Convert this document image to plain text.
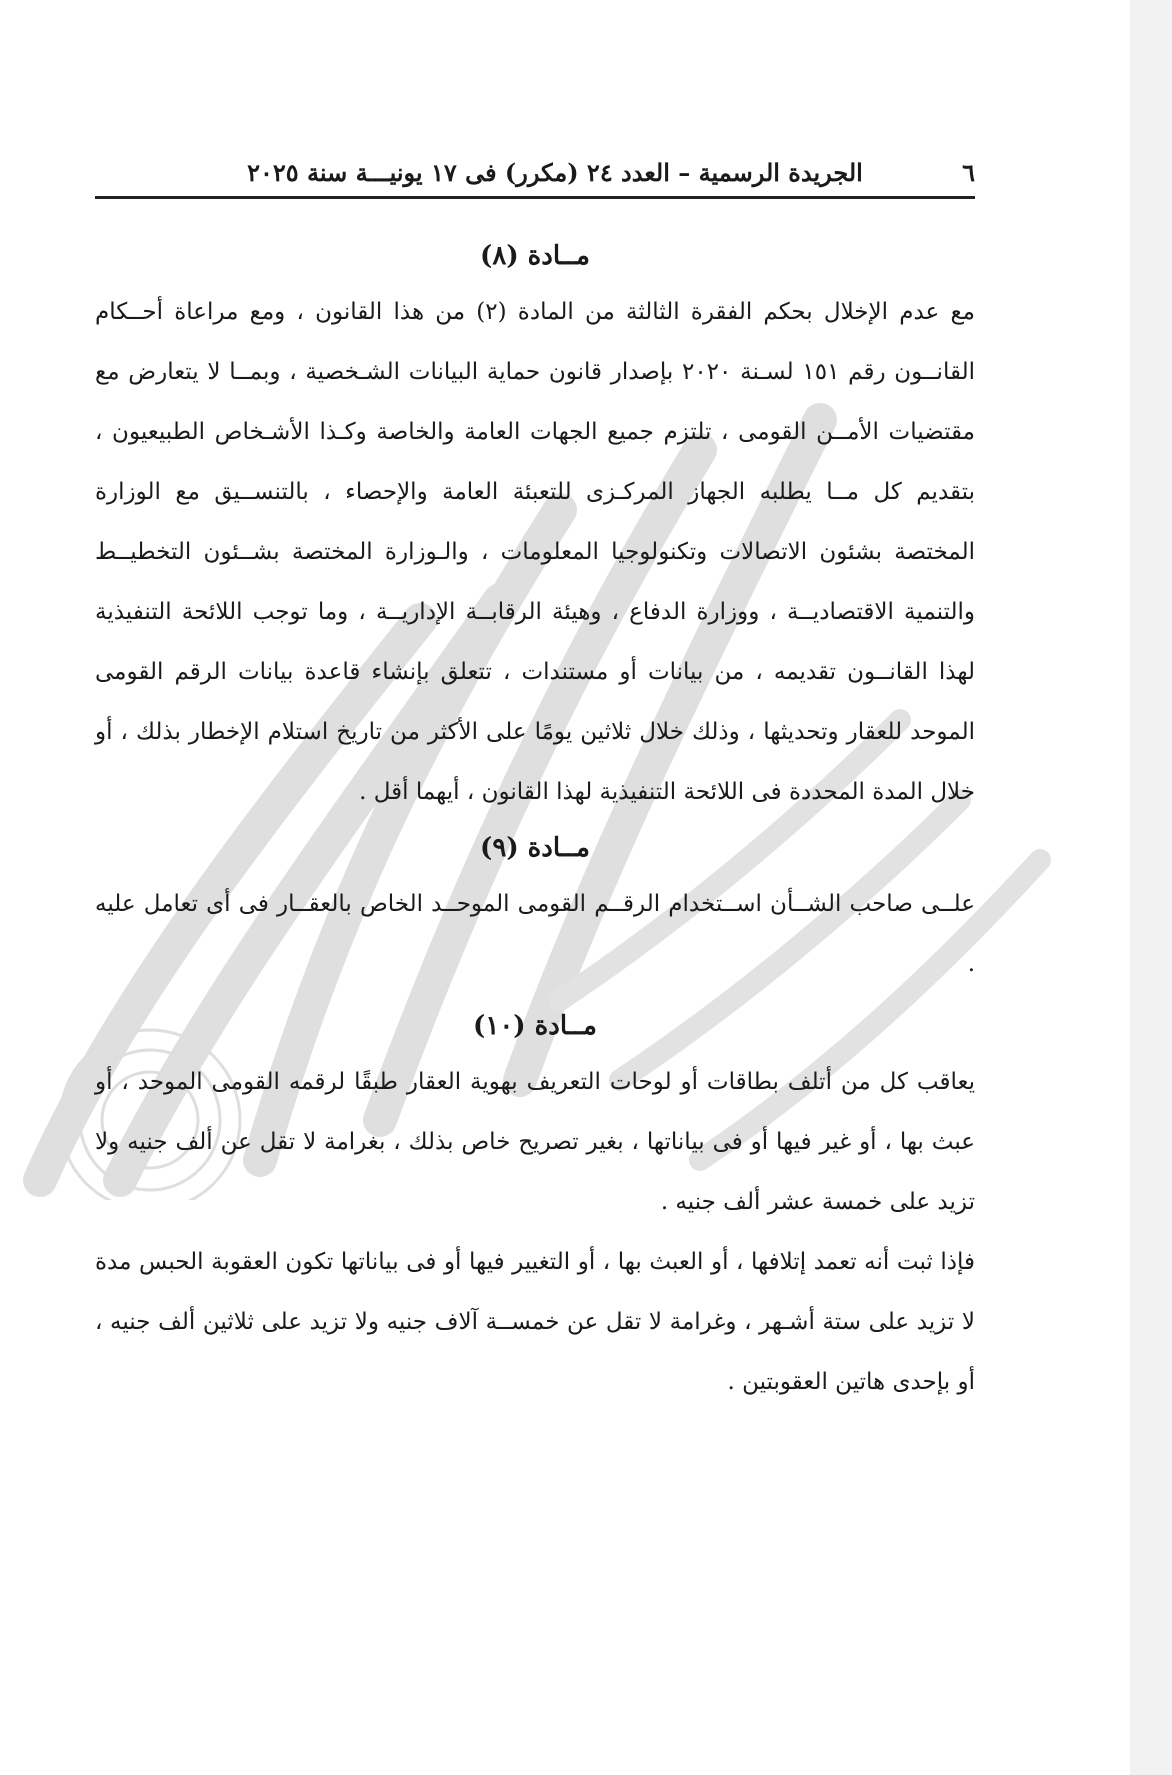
٦
الجريدة الرسمية – العدد ٢٤ (مكرر) فى ١٧ يونيـــة سنة ٢٠٢٥

مــادة (٨)

مع عدم الإخلال بحكم الفقرة الثالثة من المادة (٢) من هذا القانون ، ومع مراعاة أحــكام القانــون رقم ١٥١ لسـنة ٢٠٢٠ بإصدار قانون حماية البيانات الشـخصية ، وبمــا لا يتعارض مع مقتضيات الأمــن القومى ، تلتزم جميع الجهات العامة والخاصة وكـذا الأشـخاص الطبيعيون ، بتقديم كل مــا يطلبه الجهاز المركـزى للتعبئة العامة والإحصاء ، بالتنســيق مع الوزارة المختصة بشئون الاتصالات وتكنولوجيا المعلومات ، والـوزارة المختصة بشــئون التخطيــط والتنمية الاقتصاديــة ، ووزارة الدفاع ، وهيئة الرقابــة الإداريــة ، وما توجب اللائحة التنفيذية لهذا القانــون تقديمه ، من بيانات أو مستندات ، تتعلق بإنشاء قاعدة بيانات الرقم القومى الموحد للعقار وتحديثها ، وذلك خلال ثلاثين يومًا على الأكثر من تاريخ استلام الإخطار بذلك ، أو خلال المدة المحددة فى اللائحة التنفيذية لهذا القانون ، أيهما أقل .

مــادة (٩)

علــى صاحب الشــأن اســتخدام الرقــم القومى الموحــد الخاص بالعقــار فى أى تعامل عليه .

مــادة (١٠)

يعاقب كل من أتلف بطاقات أو لوحات التعريف بهوية العقار طبقًا لرقمه القومى الموحد ، أو عبث بها ، أو غير فيها أو فى بياناتها ، بغير تصريح خاص بذلك ، بغرامة لا تقل عن ألف جنيه ولا تزيد على خمسة عشر ألف جنيه .

فإذا ثبت أنه تعمد إتلافها ، أو العبث بها ، أو التغيير فيها أو فى بياناتها تكون العقوبة الحبس مدة لا تزيد على ستة أشـهر ، وغرامة لا تقل عن خمســة آلاف جنيه ولا تزيد على ثلاثين ألف جنيه ، أو بإحدى هاتين العقوبتين .
